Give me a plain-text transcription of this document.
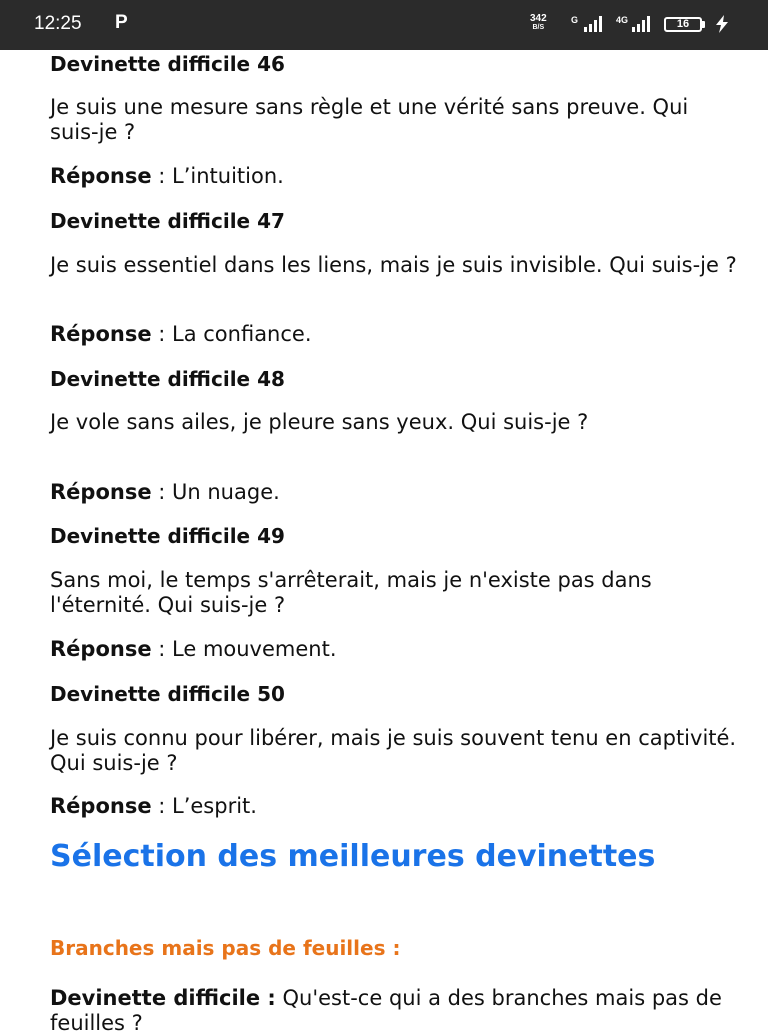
12:25 P	342
B/S
G	4G	16

Devinette difficile 46

Je suis une mesure sans règle et une vérité sans preuve. Qui suis-je ?

Réponse : L’intuition.

Devinette difficile 47

Je suis essentiel dans les liens, mais je suis invisible. Qui suis-je ?

Réponse : La confiance.

Devinette difficile 48

Je vole sans ailes, je pleure sans yeux. Qui suis-je ?

Réponse : Un nuage.

Devinette difficile 49

Sans moi, le temps s'arrêterait, mais je n'existe pas dans l'éternité. Qui suis-je ?

Réponse : Le mouvement.

Devinette difficile 50

Je suis connu pour libérer, mais je suis souvent tenu en captivité. Qui suis-je ?

Réponse : L’esprit.

Sélection des meilleures devinettes
Branches mais pas de feuilles :

Devinette difficile : Qu'est-ce qui a des branches mais pas de feuilles ?
